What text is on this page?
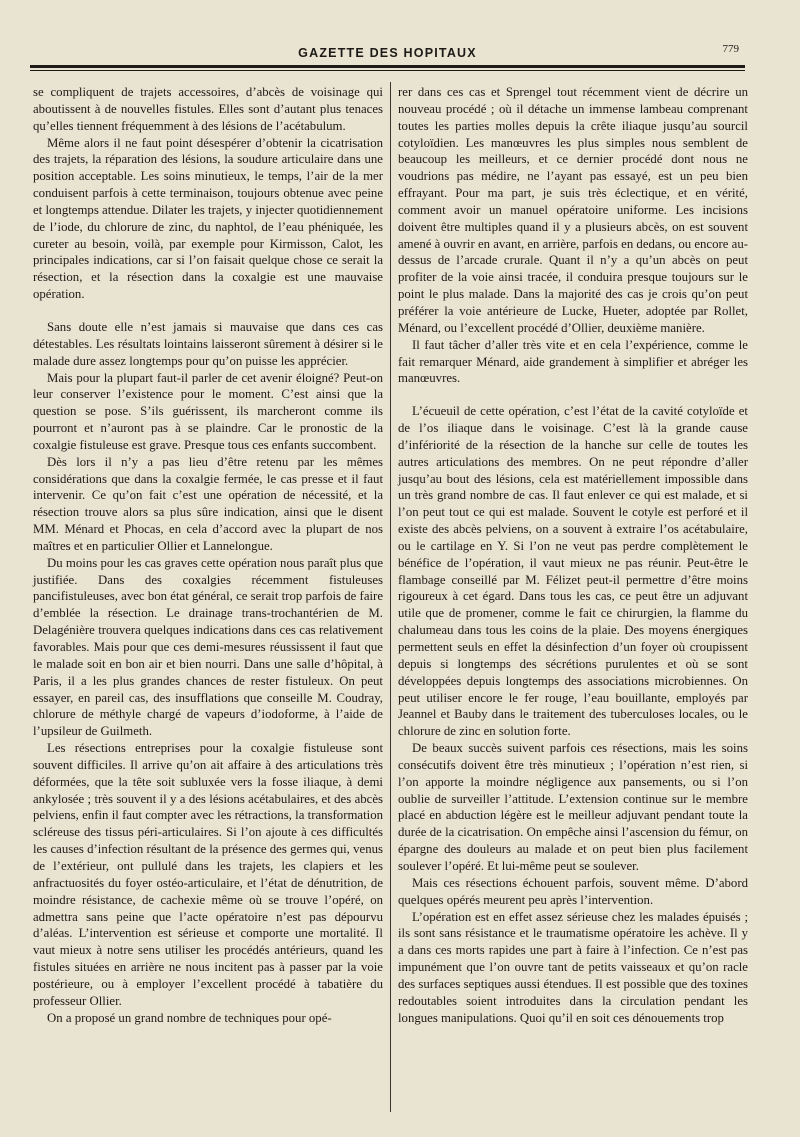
GAZETTE DES HOPITAUX	779

se compliquent de trajets accessoires, d’abcès de voisinage qui aboutissent à de nouvelles fistules. Elles sont d’autant plus tenaces qu’elles tiennent fréquemment à des lésions de l’acétabulum.

Même alors il ne faut point désespérer d’obtenir la cicatrisation des trajets, la réparation des lésions, la soudure articulaire dans une position acceptable. Les soins minutieux, le temps, l’air de la mer conduisent parfois à cette terminaison, toujours obtenue avec peine et longtemps attendue. Dilater les trajets, y injecter quotidiennement de l’iode, du chlorure de zinc, du naphtol, de l’eau phéniquée, les cureter au besoin, voilà, par exemple pour Kirmisson, Calot, les principales indications, car si l’on faisait quelque chose ce serait la résection, et la résection dans la coxalgie est une mauvaise opération.

Sans doute elle n’est jamais si mauvaise que dans ces cas détestables. Les résultats lointains laisseront sûrement à désirer si le malade dure assez longtemps pour qu’on puisse les apprécier.

Mais pour la plupart faut-il parler de cet avenir éloigné? Peut-on leur conserver l’existence pour le moment. C’est ainsi que la question se pose. S’ils guérissent, ils marcheront comme ils pourront et n’auront pas à se plaindre. Car le pronostic de la coxalgie fistuleuse est grave. Presque tous ces enfants succombent.

Dès lors il n’y a pas lieu d’être retenu par les mêmes considérations que dans la coxalgie fermée, le cas presse et il faut intervenir. Ce qu’on fait c’est une opération de nécessité, et la résection trouve alors sa plus sûre indication, ainsi que le disent MM. Ménard et Phocas, en cela d’accord avec la plupart de nos maîtres et en particulier Ollier et Lannelongue.

Du moins pour les cas graves cette opération nous paraît plus que justifiée. Dans des coxalgies récemment fistuleuses pancifistuleuses, avec bon état général, ce serait trop parfois de faire d’emblée la résection. Le drainage trans-trochantérien de M. Delagénière trouvera quelques indications dans ces cas relativement favorables. Mais pour que ces demi-mesures réussissent il faut que le malade soit en bon air et bien nourri. Dans une salle d’hôpital, à Paris, il a les plus grandes chances de rester fistuleux. On peut essayer, en pareil cas, des insufflations que conseille M. Coudray, chlorure de méthyle chargé de vapeurs d’iodoforme, à l’aide de l’upsileur de Guilmeth.

Les résections entreprises pour la coxalgie fistuleuse sont souvent difficiles. Il arrive qu’on ait affaire à des articulations très déformées, que la tête soit subluxée vers la fosse iliaque, à demi ankylosée ; très souvent il y a des lésions acétabulaires, et des abcès pelviens, enfin il faut compter avec les rétractions, la transformation scléreuse des tissus péri-articulaires. Si l’on ajoute à ces difficultés les causes d’infection résultant de la présence des germes qui, venus de l’extérieur, ont pullulé dans les trajets, les clapiers et les anfractuosités du foyer ostéo-articulaire, et l’état de dénutrition, de moindre résistance, de cachexie même où se trouve l’opéré, on admettra sans peine que l’acte opératoire n’est pas dépourvu d’aléas. L’intervention est sérieuse et comporte une mortalité. Il vaut mieux à notre sens utiliser les procédés antérieurs, quand les fistules situées en arrière ne nous incitent pas à passer par la voie postérieure, ou à employer l’excellent procédé à tabatière du professeur Ollier.

On a proposé un grand nombre de techniques pour opé-

rer dans ces cas et Sprengel tout récemment vient de décrire un nouveau procédé ; où il détache un immense lambeau comprenant toutes les parties molles depuis la crête iliaque jusqu’au sourcil cotyloïdien. Les manœuvres les plus simples nous semblent de beaucoup les meilleurs, et ce dernier procédé dont nous ne voudrions pas médire, ne l’ayant pas essayé, est un peu bien effrayant. Pour ma part, je suis très éclectique, et en vérité, comment avoir un manuel opératoire uniforme. Les incisions doivent être multiples quand il y a plusieurs abcès, on est souvent amené à ouvrir en avant, en arrière, parfois en dedans, ou encore au-dessus de l’arcade crurale. Quant il n’y a qu’un abcès on peut profiter de la voie ainsi tracée, il conduira presque toujours sur le point le plus malade. Dans la majorité des cas je crois qu’on peut préférer la voie antérieure de Lucke, Hueter, adoptée par Rollet, Ménard, ou l’excellent procédé d’Ollier, deuxième manière.

Il faut tâcher d’aller très vite et en cela l’expérience, comme le fait remarquer Ménard, aide grandement à simplifier et abréger les manœuvres.

L’écueuil de cette opération, c’est l’état de la cavité cotyloïde et de l’os iliaque dans le voisinage. C’est là la grande cause d’infériorité de la résection de la hanche sur celle de toutes les autres articulations des membres. On ne peut répondre d’aller jusqu’au bout des lésions, cela est matériellement impossible dans un très grand nombre de cas. Il faut enlever ce qui est malade, et si l’on peut tout ce qui est malade. Souvent le cotyle est perforé et il existe des abcès pelviens, on a souvent à extraire l’os acétabulaire, ou le cartilage en Y. Si l’on ne veut pas perdre complètement le bénéfice de l’opération, il vaut mieux ne pas réunir. Peut-être le flambage conseillé par M. Félizet peut-il permettre d’être moins rigoureux à cet égard. Dans tous les cas, ce peut être un adjuvant utile que de promener, comme le fait ce chirurgien, la flamme du chalumeau dans tous les coins de la plaie. Des moyens énergiques permettent seuls en effet la désinfection d’un foyer où croupissent depuis si longtemps des sécrétions purulentes et où se sont développées depuis longtemps des associations microbiennes. On peut utiliser encore le fer rouge, l’eau bouillante, employés par Jeannel et Bauby dans le traitement des tuberculoses locales, ou le chlorure de zinc en solution forte.

De beaux succès suivent parfois ces résections, mais les soins consécutifs doivent être très minutieux ; l’opération n’est rien, si l’on apporte la moindre négligence aux pansements, ou si l’on oublie de surveiller l’attitude. L’extension continue sur le membre placé en abduction légère est le meilleur adjuvant pendant toute la durée de la cicatrisation. On empêche ainsi l’ascension du fémur, on épargne des douleurs au malade et on peut bien plus facilement soulever l’opéré. Et lui-même peut se soulever.

Mais ces résections échouent parfois, souvent même. D’abord quelques opérés meurent peu après l’intervention.

L’opération est en effet assez sérieuse chez les malades épuisés ; ils sont sans résistance et le traumatisme opératoire les achève. Il y a dans ces morts rapides une part à faire à l’infection. Ce n’est pas impunément que l’on ouvre tant de petits vaisseaux et qu’on racle des surfaces septiques aussi étendues. Il est possible que des toxines redoutables soient introduites dans la circulation pendant les longues manipulations. Quoi qu’il en soit ces dénouements trop
